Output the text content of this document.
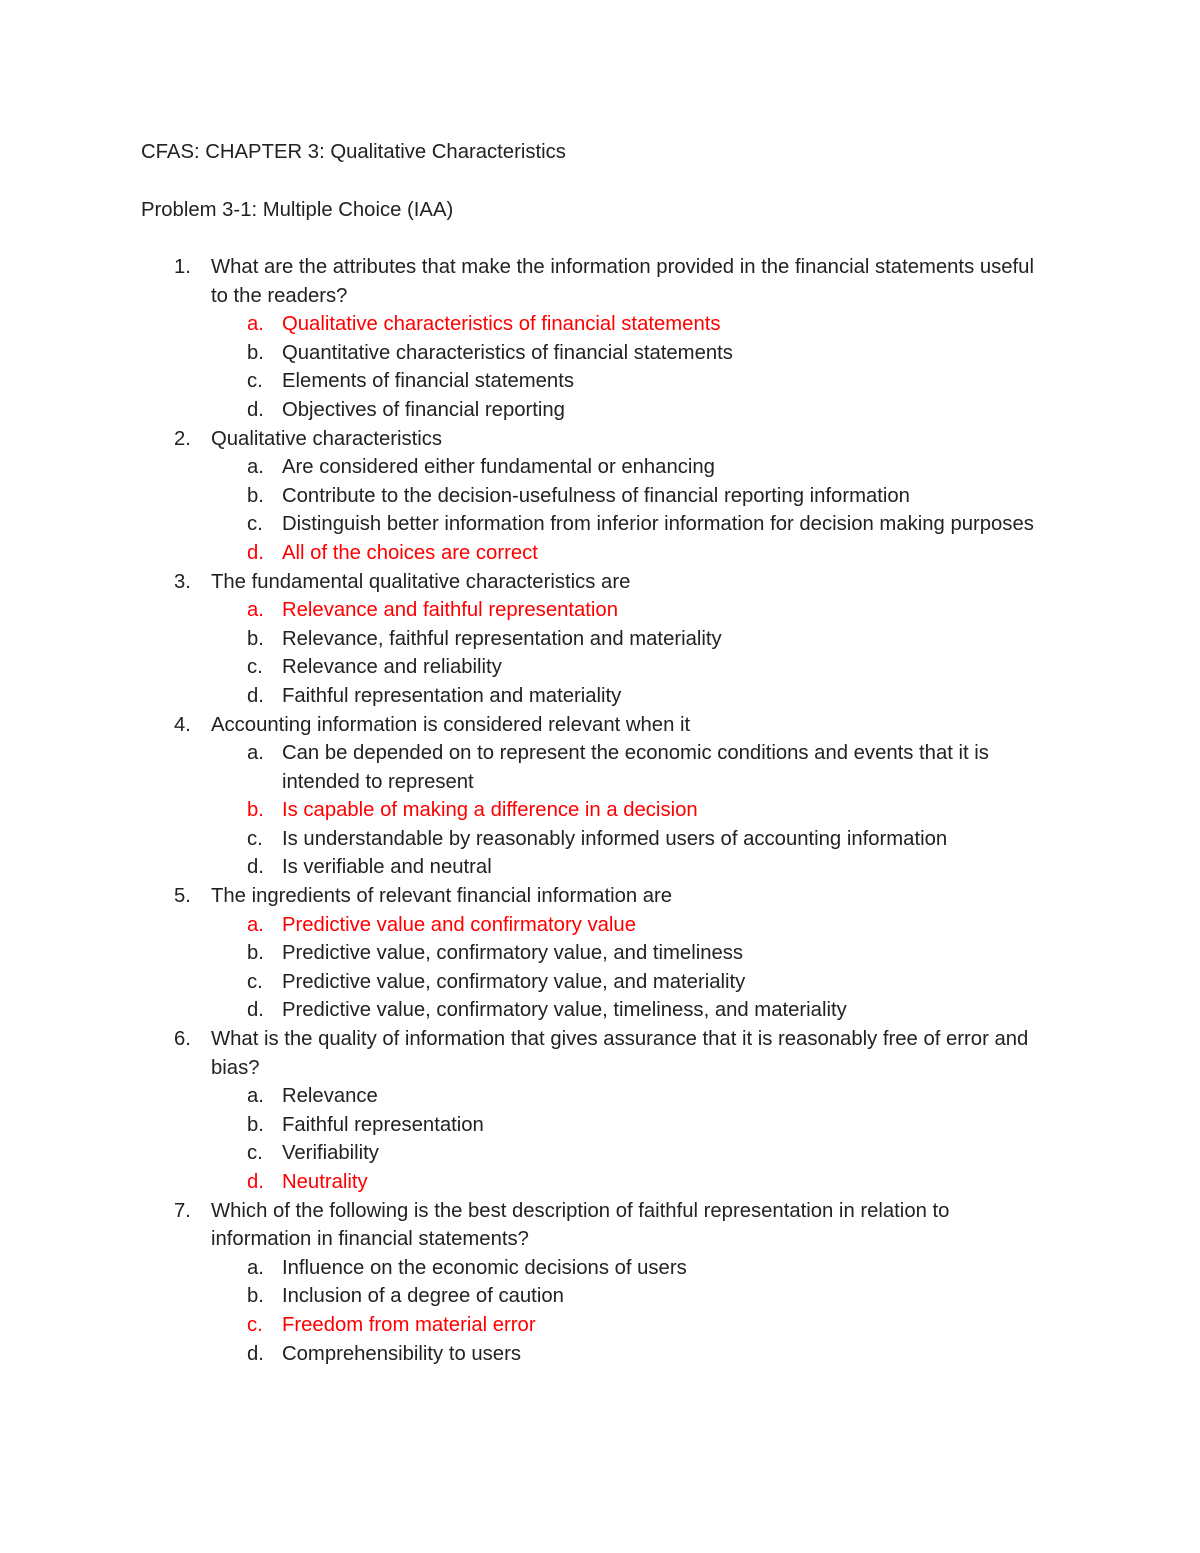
CFAS: CHAPTER 3: Qualitative Characteristics

Problem 3-1: Multiple Choice (IAA)

1. What are the attributes that make the information provided in the financial statements useful to the readers?
a. Qualitative characteristics of financial statements
b. Quantitative characteristics of financial statements
c. Elements of financial statements
d. Objectives of financial reporting
2. Qualitative characteristics
a. Are considered either fundamental or enhancing
b. Contribute to the decision-usefulness of financial reporting information
c. Distinguish better information from inferior information for decision making purposes
d. All of the choices are correct
3. The fundamental qualitative characteristics are
a. Relevance and faithful representation
b. Relevance, faithful representation and materiality
c. Relevance and reliability
d. Faithful representation and materiality
4. Accounting information is considered relevant when it
a. Can be depended on to represent the economic conditions and events that it is intended to represent
b. Is capable of making a difference in a decision
c. Is understandable by reasonably informed users of accounting information
d. Is verifiable and neutral
5. The ingredients of relevant financial information are
a. Predictive value and confirmatory value
b. Predictive value, confirmatory value, and timeliness
c. Predictive value, confirmatory value, and materiality
d. Predictive value, confirmatory value, timeliness, and materiality
6. What is the quality of information that gives assurance that it is reasonably free of error and bias?
a. Relevance
b. Faithful representation
c. Verifiability
d. Neutrality
7. Which of the following is the best description of faithful representation in relation to information in financial statements?
a. Influence on the economic decisions of users
b. Inclusion of a degree of caution
c. Freedom from material error
d. Comprehensibility to users
